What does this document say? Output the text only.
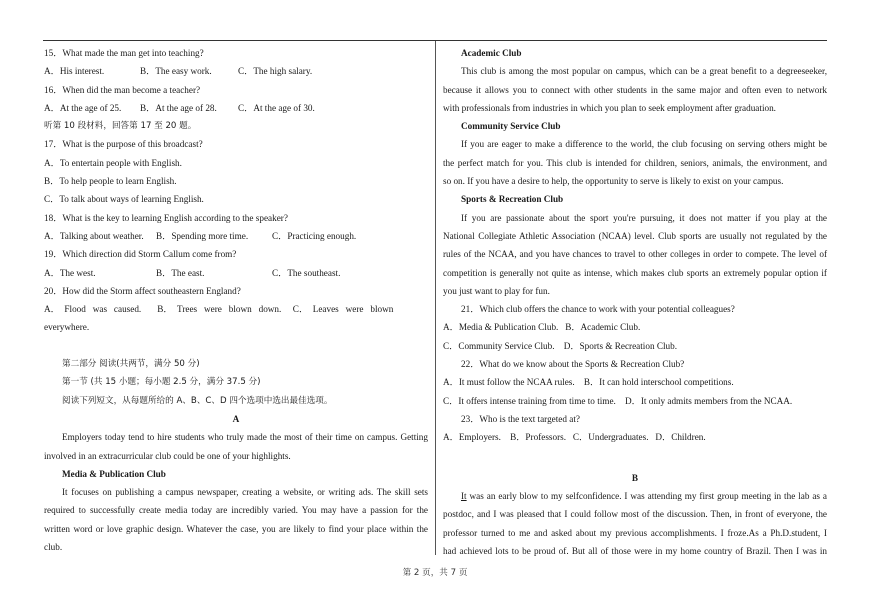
15．What made the man get into teaching?
A．His interest.	B．The easy work.	C．The high salary.
16．When did the man become a teacher?
A．At the age of 25. B．At the age of 28. C．At the age of 30.
听第 10 段材料，回答第 17 至 20 题。
17．What is the purpose of this broadcast?
A．To entertain people with English.
B．To help people to learn English.
C．To talk about ways of learning English.
18．What is the key to learning English according to the speaker?
A．Talking about weather. B．Spending more time.	C．Practicing enough.
19．Which direction did Storm Callum come from?
A．The west.	B．The east.	C．The southeast.
20．How did the Storm affect southeastern England?
A．  Flood   was   caused.       B．  Trees   were   blown   down.     C．  Leaves   were   blown
everywhere.
第二部分 阅读(共两节，满分 50 分)
第一节 (共 15 小题；每小题 2.5 分，满分 37.5 分)
阅读下列短文，从每题所给的 A、B、C、D 四个选项中选出最佳选项。
A
Employers today tend to hire students who truly made the most of their time on campus. Getting
involved in an extracurricular club could be one of your highlights.
Media & Publication Club
It focuses on publishing a campus newspaper, creating a website, or writing ads. The skill sets
required to successfully create media today are incredibly varied. You may have a passion for the
written word or love graphic design. Whatever the case, you are likely to find your place within the
club.
Academic Club
This club is among the most popular on campus, which can be a great benefit to a degreeseeker,
because it allows you to connect with other students in the same major and often even to network
with professionals from industries in which you plan to seek employment after graduation.
Community Service Club
If you are eager to make a difference to the world, the club focusing on serving others might be
the perfect match for you. This club is intended for children, seniors, animals, the environment, and
so on. If you have a desire to help, the opportunity to serve is likely to exist on your campus.
Sports & Recreation Club
If you are passionate about the sport you're pursuing, it does not matter if you play at the
National Collegiate Athletic Association (NCAA) level. Club sports are usually not regulated by the
rules of the NCAA, and you have chances to travel to other colleges in order to compete. The level of
competition is generally not quite as intense, which makes club sports an extremely popular option if
you just want to play for fun.
21．Which club offers the chance to work with your potential colleagues?
A．Media & Publication Club.   B．Academic Club.
C．Community Service Club.    D．Sports & Recreation Club.
22．What do we know about the Sports & Recreation Club?
A．It must follow the NCAA rules.    B．It can hold interschool competitions.
C．It offers intense training from time to time.    D．It only admits members from the NCAA.
23．Who is the text targeted at?
A．Employers.    B．Professors.   C．Undergraduates.   D．Children.
B
It was an early blow to my selfconfidence. I was attending my first group meeting in the lab as a
postdoc, and I was pleased that I could follow most of the discussion. Then, in front of everyone, the
professor turned to me and asked about my previous accomplishments. I froze.As a Ph.D.student, I
had achieved lots to be proud of. But all of those were in my home country of Brazil. Then I was in
第 2 页，共 7 页
